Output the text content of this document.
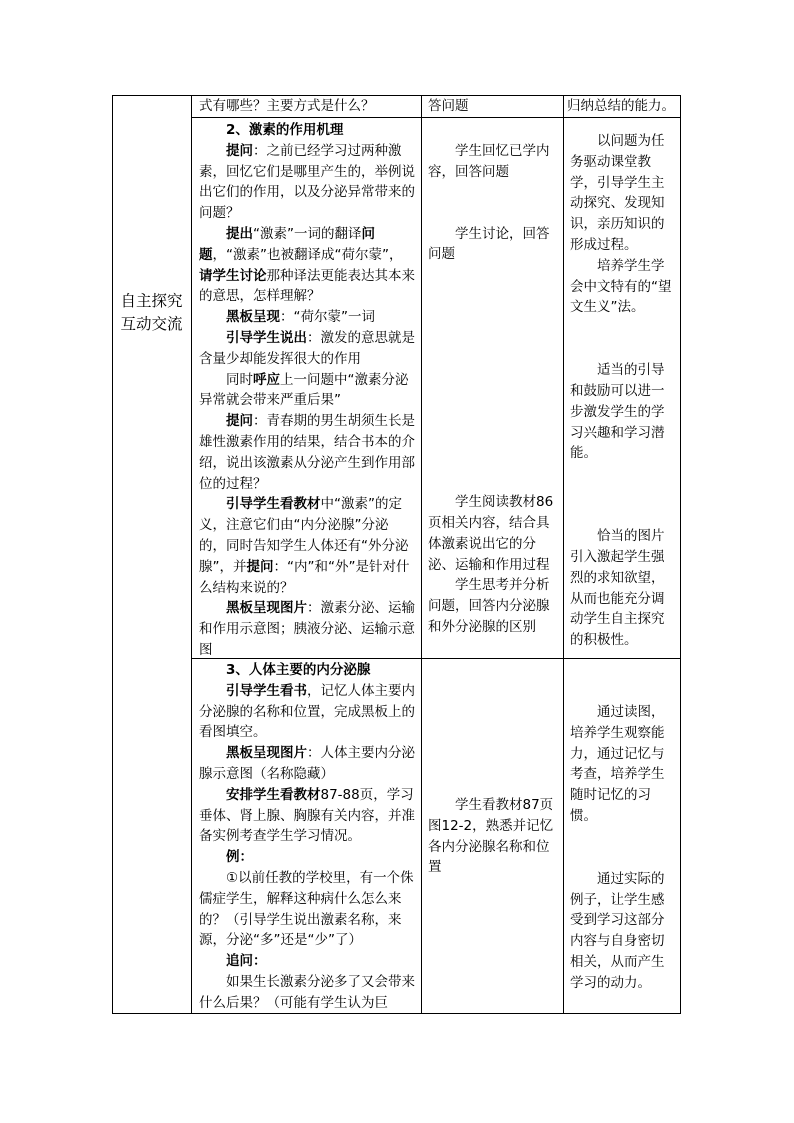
自主探究
互动交流
式有哪些？主要方式是什么？	答问题	归纳总结的能力。

2、激素的作用机理

提问：之前已经学习过两种激素，回忆它们是哪里产生的，举例说出它们的作用，以及分泌异常带来的问题？

提出“激素”一词的翻译问题，“激素”也被翻译成“荷尔蒙”，请学生讨论那种译法更能表达其本来的意思，怎样理解？

黑板呈现：“荷尔蒙”一词

引导学生说出：激发的意思就是含量少却能发挥很大的作用

同时呼应上一问题中“激素分泌异常就会带来严重后果”

提问：青春期的男生胡须生长是雄性激素作用的结果，结合书本的介绍，说出该激素从分泌产生到作用部位的过程？

引导学生看教材中“激素”的定义，注意它们由“内分泌腺”分泌的，同时告知学生人体还有“外分泌腺”，并提问：“内”和“外”是针对什么结构来说的？

黑板呈现图片：激素分泌、运输和作用示意图；胰液分泌、运输示意图

学生回忆已学内容，回答问题

学生讨论，回答问题

学生阅读教材86页相关内容，结合具体激素说出它的分泌、运输和作用过程

学生思考并分析问题，回答内分泌腺和外分泌腺的区别

以问题为任务驱动课堂教学，引导学生主动探究、发现知识，亲历知识的形成过程。

培养学生学会中文特有的“望文生义”法。

适当的引导和鼓励可以进一步激发学生的学习兴趣和学习潜能。

恰当的图片引入激起学生强烈的求知欲望，从而也能充分调动学生自主探究的积极性。

3、人体主要的内分泌腺

引导学生看书，记忆人体主要内分泌腺的名称和位置，完成黑板上的看图填空。

黑板呈现图片：人体主要内分泌腺示意图（名称隐藏）

安排学生看教材87-88页，学习垂体、肾上腺、胸腺有关内容，并准备实例考查学生学习情况。

例：

①以前任教的学校里，有一个侏儒症学生，解释这种病什么怎么来的？（引导学生说出激素名称，来源，分泌“多”还是“少”了）

追问：

如果生长激素分泌多了又会带来什么后果？（可能有学生认为巨

学生看教材87页图12-2，熟悉并记忆各内分泌腺名称和位置

通过读图，培养学生观察能力，通过记忆与考查，培养学生随时记忆的习惯。

通过实际的例子，让学生感受到学习这部分内容与自身密切相关，从而产生学习的动力。
